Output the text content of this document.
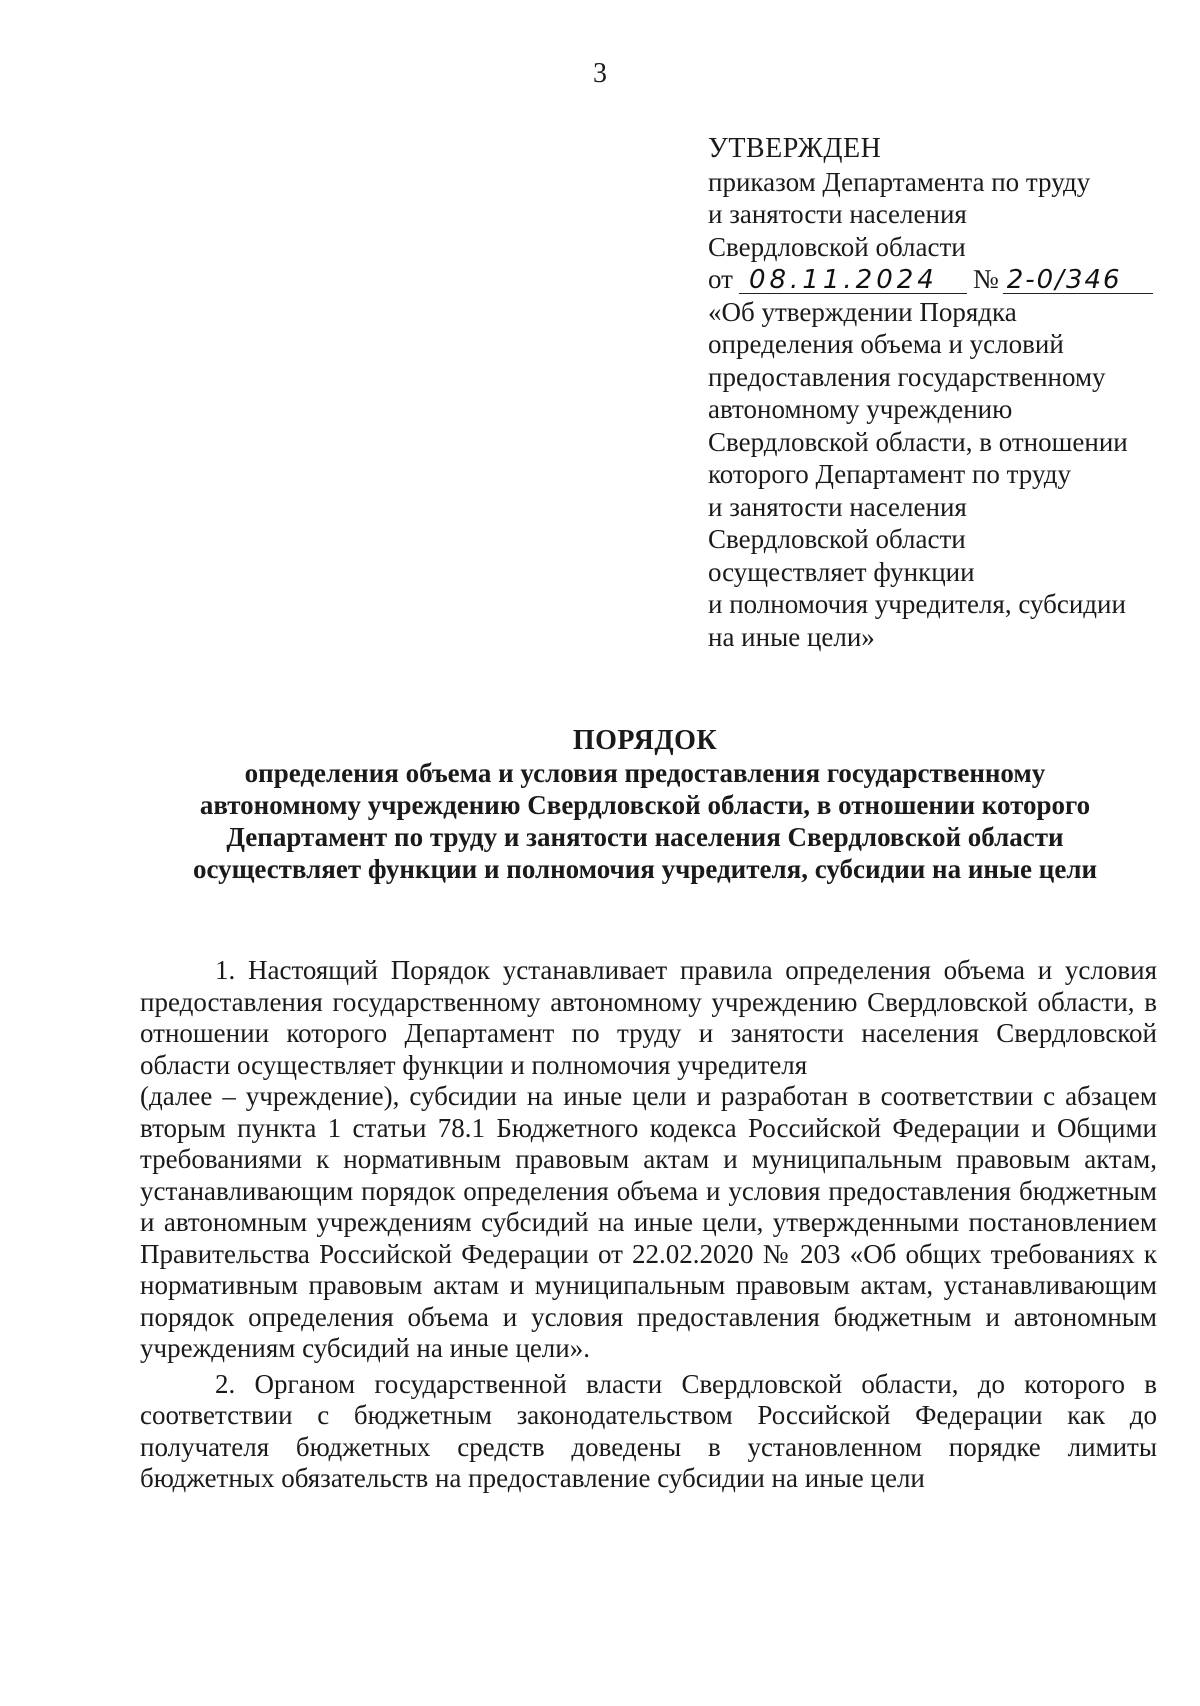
3
УТВЕРЖДЕН
приказом Департамента по труду
и занятости населения
Свердловской области
от 08.11.2024 № 2-0/346
«Об утверждении Порядка
определения объема и условий
предоставления государственному
автономному учреждению
Свердловской области, в отношении
которого Департамент по труду
и занятости населения
Свердловской области
осуществляет функции
и полномочия учредителя, субсидии
на иные цели»
ПОРЯДОК
определения объема и условия предоставления государственному
автономному учреждению Свердловской области, в отношении которого
Департамент по труду и занятости населения Свердловской области
осуществляет функции и полномочия учредителя, субсидии на иные цели

1. Настоящий Порядок устанавливает правила определения объема и условия предоставления государственному автономному учреждению Свердловской области, в отношении которого Департамент по труду и занятости населения Свердловской области осуществляет функции и полномочия учредителя

(далее – учреждение), субсидии на иные цели и разработан в соответствии с абзацем вторым пункта 1 статьи 78.1 Бюджетного кодекса Российской Федерации и Общими требованиями к нормативным правовым актам и муниципальным правовым актам, устанавливающим порядок определения объема и условия предоставления бюджетным и автономным учреждениям субсидий на иные цели, утвержденными постановлением Правительства Российской Федерации от 22.02.2020 № 203 «Об общих требованиях к нормативным правовым актам и муниципальным правовым актам, устанавливающим порядок определения объема и условия предоставления бюджетным и автономным учреждениям субсидий на иные цели».

2. Органом государственной власти Свердловской области, до которого в соответствии с бюджетным законодательством Российской Федерации как до получателя бюджетных средств доведены в установленном порядке лимиты бюджетных обязательств на предоставление субсидии на иные цели
